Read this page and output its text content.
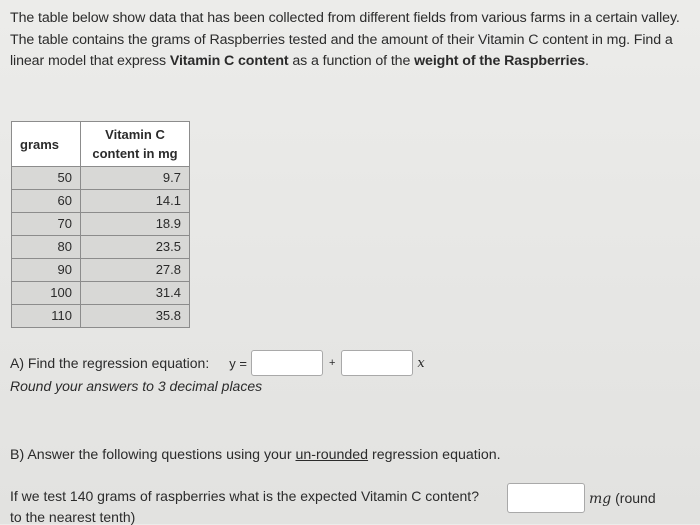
The table below show data that has been collected from different fields from various farms in a certain valley. The table contains the grams of Raspberries tested and the amount of their Vitamin C content in mg. Find a linear model that express Vitamin C content as a function of the weight of the Raspberries.
grams	Vitamin C
content in mg
50	9.7
60	14.1
70	18.9
80	23.5
90	27.8
100	31.4
110	35.8
A) Find the regression equation: y =	+	x
Round your answers to 3 decimal places
B) Answer the following questions using your un-rounded regression equation.
If we test 140 grams of raspberries what is the expected Vitamin C content?	mg (round
to the nearest tenth)
